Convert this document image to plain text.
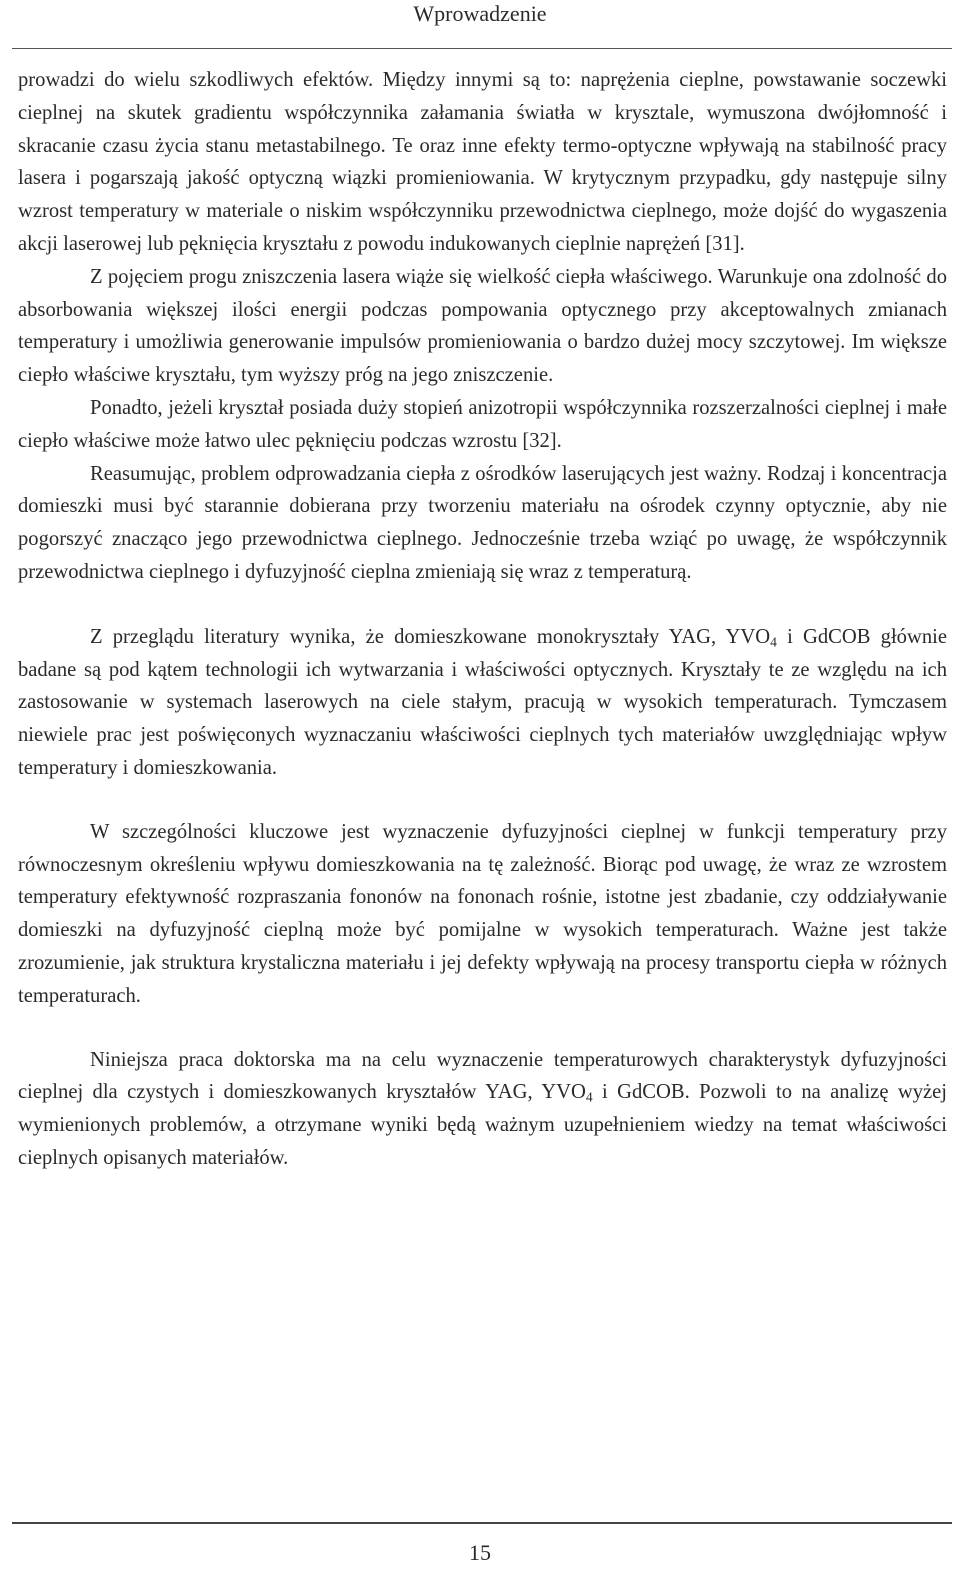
Wprowadzenie

prowadzi do wielu szkodliwych efektów. Między innymi są to: naprężenia cieplne, powstawanie soczewki cieplnej na skutek gradientu współczynnika załamania światła w krysztale, wymuszona dwójłomność i skracanie czasu życia stanu metastabilnego. Te oraz inne efekty termo-optyczne wpływają na stabilność pracy lasera i pogarszają jakość optyczną wiązki promieniowania. W krytycznym przypadku, gdy następuje silny wzrost temperatury w materiale o niskim współczynniku przewodnictwa cieplnego, może dojść do wygaszenia akcji laserowej lub pęknięcia kryształu z powodu indukowanych cieplnie naprężeń [31].

Z pojęciem progu zniszczenia lasera wiąże się wielkość ciepła właściwego. Warunkuje ona zdolność do absorbowania większej ilości energii podczas pompowania optycznego przy akceptowalnych zmianach temperatury i umożliwia generowanie impulsów promieniowania o bardzo dużej mocy szczytowej. Im większe ciepło właściwe kryształu, tym wyższy próg na jego zniszczenie.

Ponadto, jeżeli kryształ posiada duży stopień anizotropii współczynnika rozszerzalności cieplnej i małe ciepło właściwe może łatwo ulec pęknięciu podczas wzrostu [32].

Reasumując, problem odprowadzania ciepła z ośrodków laserujących jest ważny. Rodzaj i koncentracja domieszki musi być starannie dobierana przy tworzeniu materiału na ośrodek czynny optycznie, aby nie pogorszyć znacząco jego przewodnictwa cieplnego. Jednocześnie trzeba wziąć po uwagę, że współczynnik przewodnictwa cieplnego i dyfuzyjność cieplna zmieniają się wraz z temperaturą.

Z przeglądu literatury wynika, że domieszkowane monokryształy YAG, $YVO_4$ i GdCOB głównie badane są pod kątem technologii ich wytwarzania i właściwości optycznych. Kryształy te ze względu na ich zastosowanie w systemach laserowych na ciele stałym, pracują w wysokich temperaturach. Tymczasem niewiele prac jest poświęconych wyznaczaniu właściwości cieplnych tych materiałów uwzględniając wpływ temperatury i domieszkowania.

W szczególności kluczowe jest wyznaczenie dyfuzyjności cieplnej w funkcji temperatury przy równoczesnym określeniu wpływu domieszkowania na tę zależność. Biorąc pod uwagę, że wraz ze wzrostem temperatury efektywność rozpraszania fononów na fononach rośnie, istotne jest zbadanie, czy oddziaływanie domieszki na dyfuzyjność cieplną może być pomijalne w wysokich temperaturach. Ważne jest także zrozumienie, jak struktura krystaliczna materiału i jej defekty wpływają na procesy transportu ciepła w różnych temperaturach.

Niniejsza praca doktorska ma na celu wyznaczenie temperaturowych charakterystyk dyfuzyjności cieplnej dla czystych i domieszkowanych kryształów YAG, $YVO_4$ i GdCOB. Pozwoli to na analizę wyżej wymienionych problemów, a otrzymane wyniki będą ważnym uzupełnieniem wiedzy na temat właściwości cieplnych opisanych materiałów.

15
